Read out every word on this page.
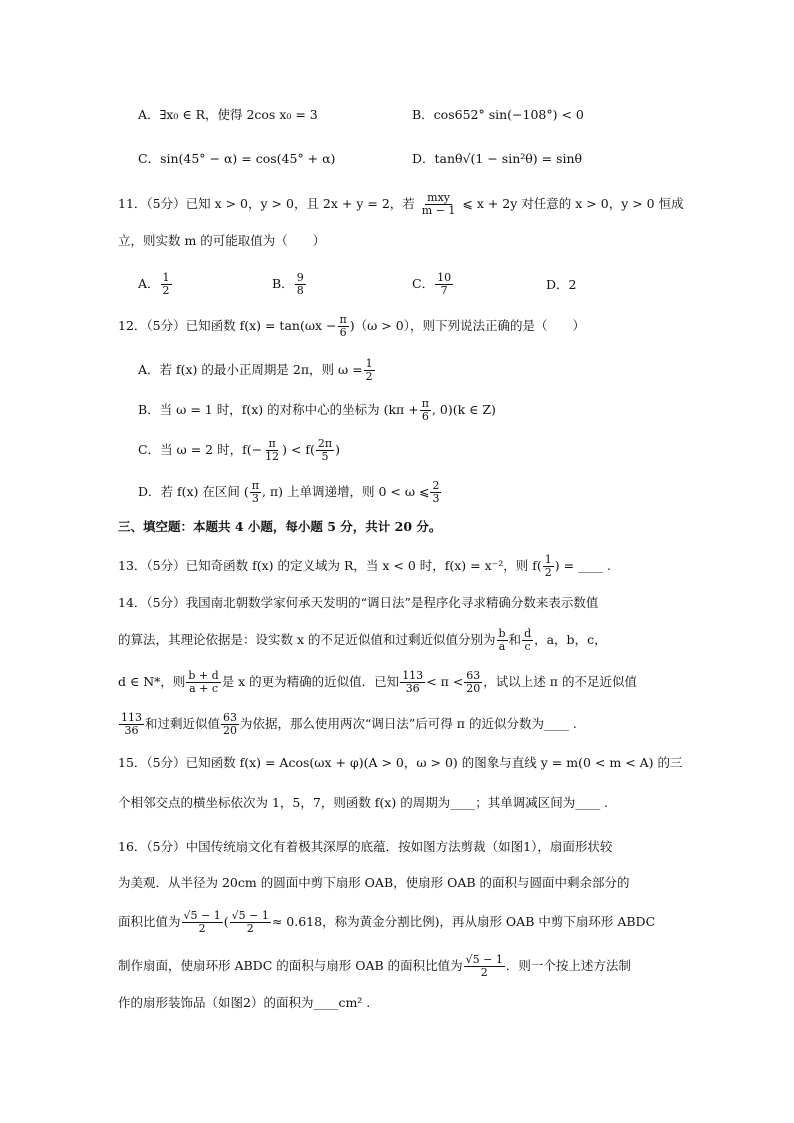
A．∃x₀ ∈ R，使得 2cos x₀ = 3	B．cos652° sin(−108°) < 0
C．sin(45° − α) = cos(45° + α)	D．tanθ√(1 − sin²θ) = sinθ
11．（5分）已知 x > 0，y > 0，且 2x + y = 2，若 $\frac{\text{mxy}}{m - 1}$ ⩽ x + 2y 对任意的 x > 0，y > 0 恒成
立，则实数 m 的可能取值为（　　）
A． $\frac{1}{2}$	B． $\frac{9}{8}$	C． $\frac{10}{7}$	D．2
12．（5分）已知函数 $f(x) = \tan(\omega x - \frac{\pi}{6} )(\omega > 0)$，则下列说法正确的是（　　）
A．若 f(x) 的最小正周期是 2π，则 $\omega = \frac{1}{2}$
B．当 ω = 1 时，f(x) 的对称中心的坐标为 ($k\pi + \frac{\pi}{6}$ , 0)(k ∈ Z)
C．当 ω = 2 时，$f(- \frac{\pi}{12}$ ) < $f( \frac{2\pi}{5}$ )
D．若 f(x) 在区间 ( $\frac{\pi}{3}$ , π) 上单调递增，则 0 < ω ⩽ $\frac{2}{3}$
三、填空题：本题共 4 小题，每小题 5 分，共计 20 分。
13．（5分）已知奇函数 f(x) 的定义域为 R，当 x < 0 时，f(x) = x⁻²，则 $f( \frac{1}{2}$ ) = ____ .
14．（5分）我国南北朝数学家何承天发明的“调日法”是程序化寻求精确分数来表示数值
的算法，其理论依据是：设实数 x 的不足近似值和过剩近似值分别为 $\frac{b}{a}$ 和 $\frac{d}{c}$ ，a，b，c，
d ∈ N*，则 $\frac{b + d}{a + c}$ 是 x 的更为精确的近似值．已知 $\frac{113}{36} < \pi < \frac{63}{20}$ ，试以上述 π 的不足近似值
$\frac{113}{36}$ 和过剩近似值 $\frac{63}{20}$ 为依据，那么使用两次“调日法”后可得 π 的近似分数为____ .
15．（5分）已知函数 f(x) = Acos(ωx + φ)(A > 0，ω > 0) 的图象与直线 y = m(0 < m < A) 的三
个相邻交点的横坐标依次为 1，5，7，则函数 f(x) 的周期为____；其单调减区间为____ .
16．（5分）中国传统扇文化有着极其深厚的底蕴．按如图方法剪裁（如图1），扇面形状较
为美观．从半径为 20cm 的圆面中剪下扇形 OAB，使扇形 OAB 的面积与圆面中剩余部分的
面积比值为 $\frac{√5 - 1}{2}$ ( $\frac{√5 - 1}{2} \approx 0.618$，称为黄金分割比例)，再从扇形 OAB 中剪下扇环形 ABDC
制作扇面，使扇环形 ABDC 的面积与扇形 OAB 的面积比值为 $\frac{√5 - 1}{2}$ ．则一个按上述方法制
作的扇形装饰品（如图2）的面积为____cm² .
